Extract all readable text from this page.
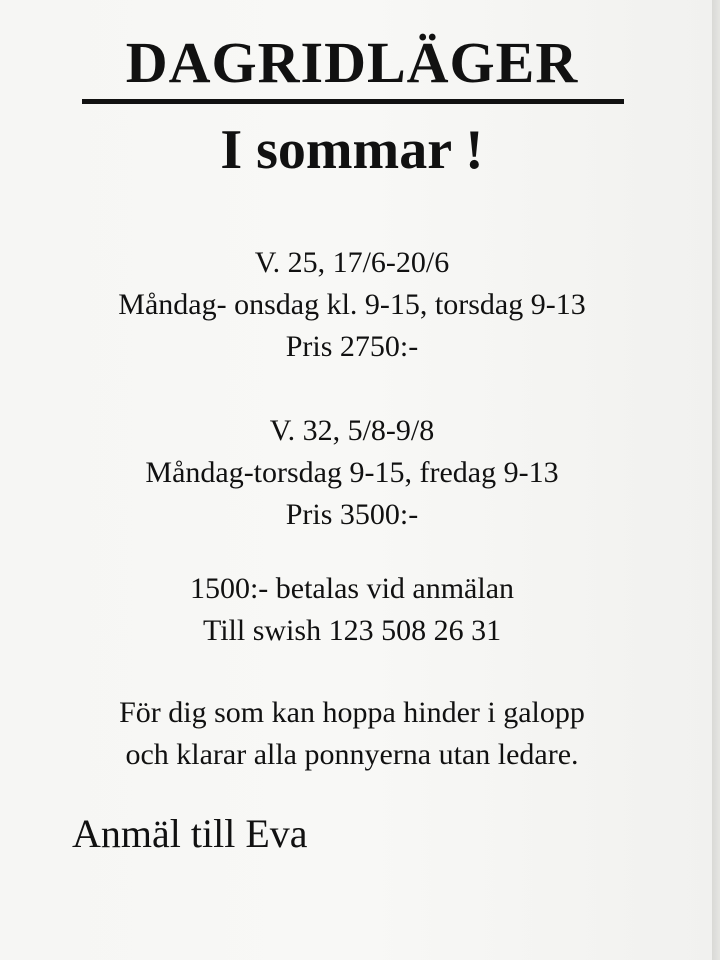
DAGRIDLÄGER
I sommar !
V. 25, 17/6-20/6
Måndag- onsdag kl. 9-15, torsdag 9-13
Pris 2750:-
V. 32, 5/8-9/8
Måndag-torsdag 9-15, fredag 9-13
Pris 3500:-
1500:- betalas vid anmälan
Till swish 123 508 26 31
För dig som kan hoppa hinder i galopp
och klarar alla ponnyerna utan ledare.
Anmäl till Eva
